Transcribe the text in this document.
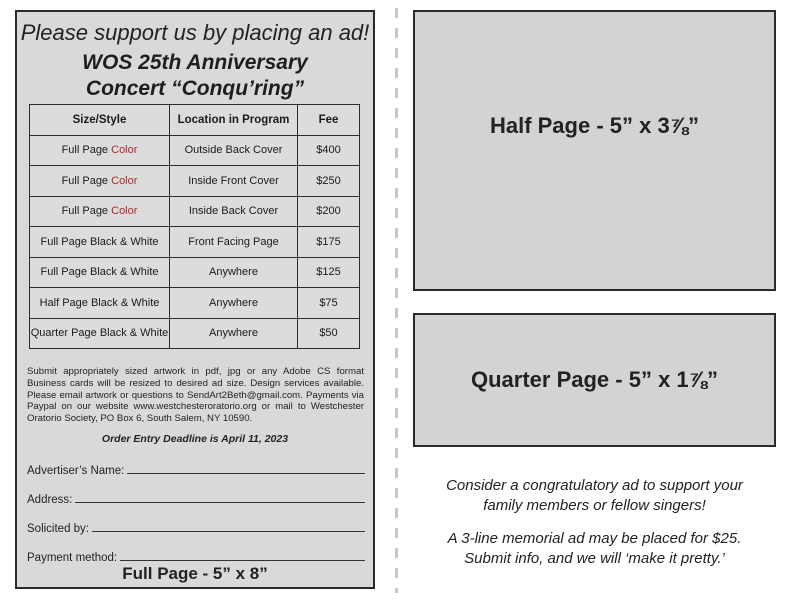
Please support us by placing an ad!
WOS 25th Anniversary
Concert “Conqu’ring”
Size/Style	Location in Program	Fee
Full Page Color	Outside Back Cover	$400
Full Page Color	Inside Front Cover	$250
Full Page Color	Inside Back Cover	$200
Full Page Black & White	Front Facing Page	$175
Full Page Black & White	Anywhere	$125
Half Page Black & White	Anywhere	$75
Quarter Page Black & White	Anywhere	$50
Submit appropriately sized artwork in pdf, jpg or any Adobe CS format Business cards will be resized to desired ad size. Design services available. Please email artwork or questions to SendArt2Beth@gmail.com. Payments via Paypal on our website www.westchesteroratorio.org or mail to Westchester Oratorio Society, PO Box 6, South Salem, NY 10590.
Order Entry Deadline is April 11, 2023
Advertiser’s Name:
Address:
Solicited by:
Payment method:
Full Page - 5” x 8”
Half Page - 5” x 3⅞”
Quarter Page - 5” x 1⅞”
Consider a congratulatory ad to support your
family members or fellow singers!
A 3-line memorial ad may be placed for $25.
Submit info, and we will ‘make it pretty.’
